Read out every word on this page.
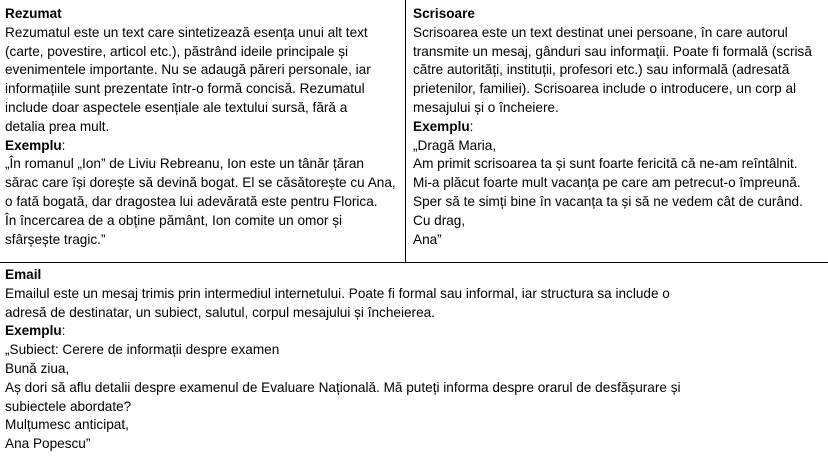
Rezumat
Rezumatul este un text care sintetizează esența unui alt text
(carte, povestire, articol etc.), păstrând ideile principale și
evenimentele importante. Nu se adaugă păreri personale, iar
informațiile sunt prezentate într-o formă concisă. Rezumatul
include doar aspectele esențiale ale textului sursă, fără a
detalia prea mult.
Exemplu:
„În romanul „Ion” de Liviu Rebreanu, Ion este un tânăr țăran
sărac care își dorește să devină bogat. El se căsătorește cu Ana,
o fată bogată, dar dragostea lui adevărată este pentru Florica.
În încercarea de a obține pământ, Ion comite un omor și
sfârșește tragic.”
Scrisoare
Scrisoarea este un text destinat unei persoane, în care autorul
transmite un mesaj, gânduri sau informații. Poate fi formală (scrisă
către autorități, instituții, profesori etc.) sau informală (adresată
prietenilor, familiei). Scrisoarea include o introducere, un corp al
mesajului și o încheiere.
Exemplu:
„Dragă Maria,
Am primit scrisoarea ta și sunt foarte fericită că ne-am reîntâlnit.
Mi-a plăcut foarte mult vacanța pe care am petrecut-o împreună.
Sper să te simți bine în vacanța ta și să ne vedem cât de curând.
Cu drag,
Ana”
Email
Emailul este un mesaj trimis prin intermediul internetului. Poate fi formal sau informal, iar structura sa include o
adresă de destinatar, un subiect, salutul, corpul mesajului și încheierea.
Exemplu:
„Subiect: Cerere de informații despre examen
Bună ziua,
Aș dori să aflu detalii despre examenul de Evaluare Națională. Mă puteți informa despre orarul de desfășurare și
subiectele abordate?
Mulțumesc anticipat,
Ana Popescu”
